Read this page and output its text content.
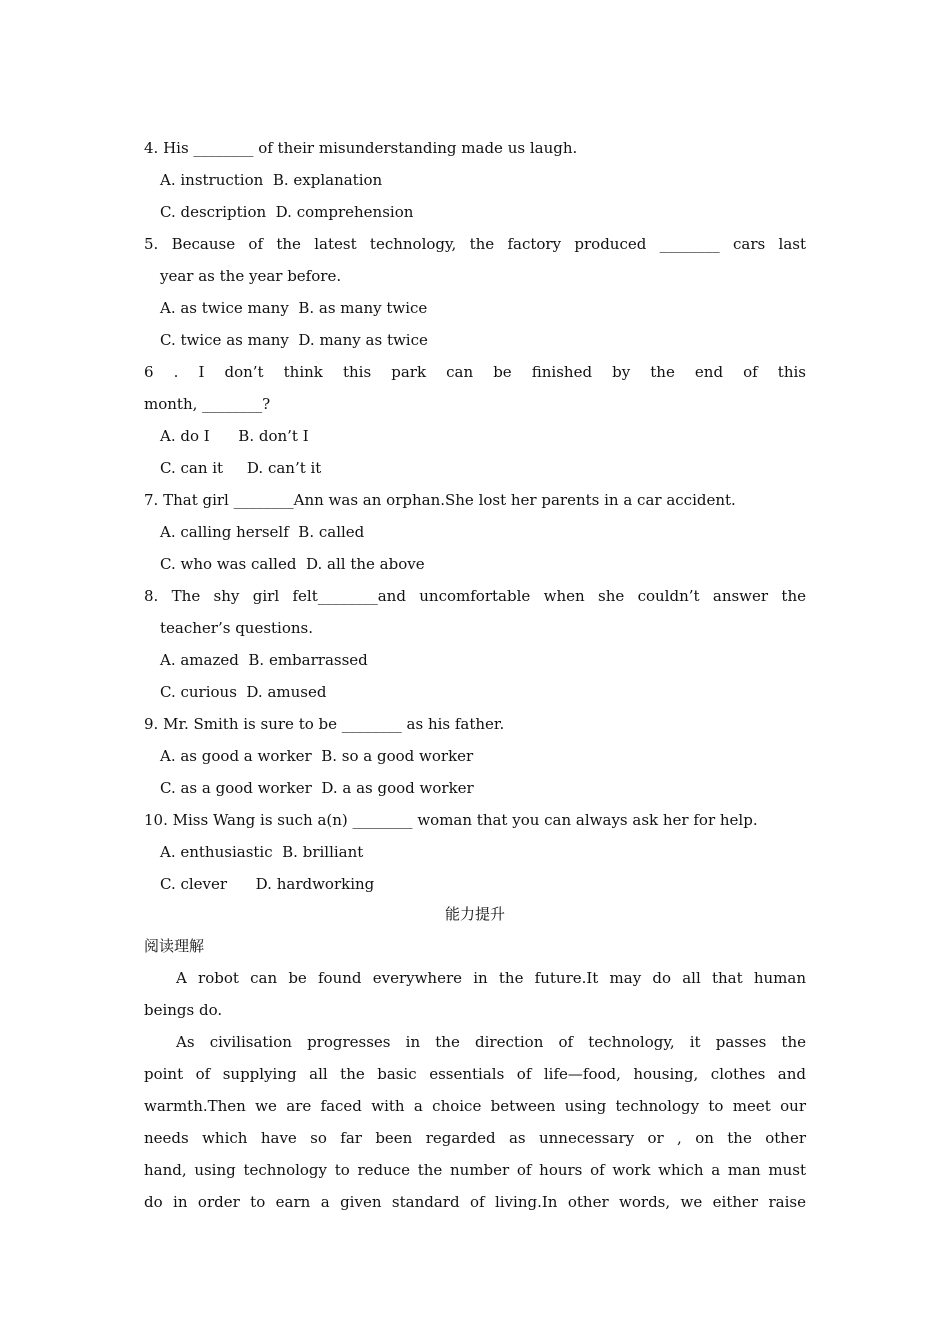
4. His ________ of their misunderstanding made us laugh.
A. instruction  B. explanation
C. description  D. comprehension
5. Because of the latest technology, the factory produced ________ cars last
year as the year before.
A. as twice many  B. as many twice
C. twice as many  D. many as twice
6 . I don’t think this park can be finished by the end of this
month, ________?
A. do I      B. don’t I
C. can it     D. can’t it
7. That girl ________Ann was an orphan.She lost her parents in a car accident.
A. calling herself  B. called
C. who was called  D. all the above
8. The shy girl felt________and uncomfortable when she couldn’t answer the
teacher’s questions.
A. amazed  B. embarrassed
C. curious  D. amused
9. Mr. Smith is sure to be ________ as his father.
A. as good a worker  B. so a good worker
C. as a good worker  D. a as good worker
10. Miss Wang is such a(n) ________ woman that you can always ask her for help.
A. enthusiastic  B. brilliant
C. clever      D. hardworking
能力提升
阅读理解
A robot can be found everywhere in the future.It may do all that human
beings do.
As civilisation progresses in the direction of technology, it passes the
point of supplying all the basic essentials of life—food, housing, clothes and
warmth.Then we are faced with a choice between using technology to meet our
needs which have so far been regarded as unnecessary or , on the other
hand, using technology to reduce the number of hours of work which a man must
do in order to earn a given standard of living.In other words, we either raise
